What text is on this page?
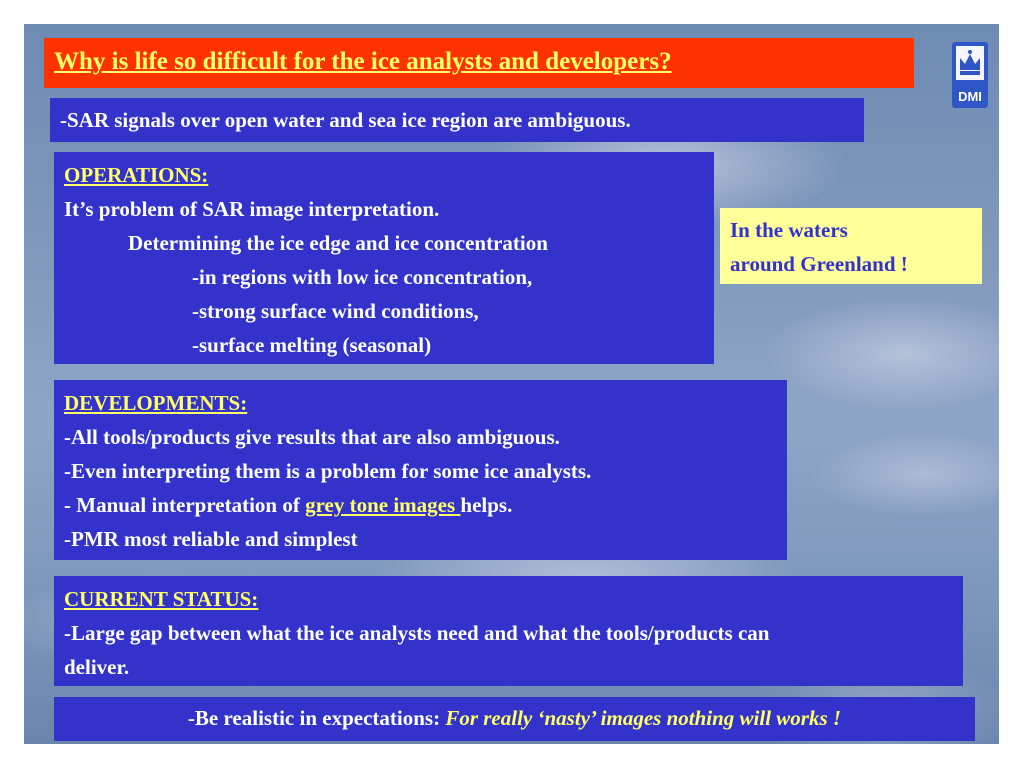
Why is life so difficult for the ice analysts and developers?
DMI
-SAR signals over open water and sea ice region are ambiguous.
OPERATIONS:
It’s problem of SAR image interpretation.
Determining the ice edge and ice concentration
-in regions with low ice concentration,
-strong surface wind conditions,
-surface melting (seasonal)
In the waters
around Greenland !
DEVELOPMENTS:
-All tools/products give results that are also ambiguous.
-Even interpreting them is a problem for some ice analysts.
- Manual interpretation of grey tone images helps.
-PMR most reliable and simplest
CURRENT STATUS:
-Large gap between what the ice analysts need and what the tools/products can deliver.
-Be realistic in expectations: For really ‘nasty’ images nothing will works !
